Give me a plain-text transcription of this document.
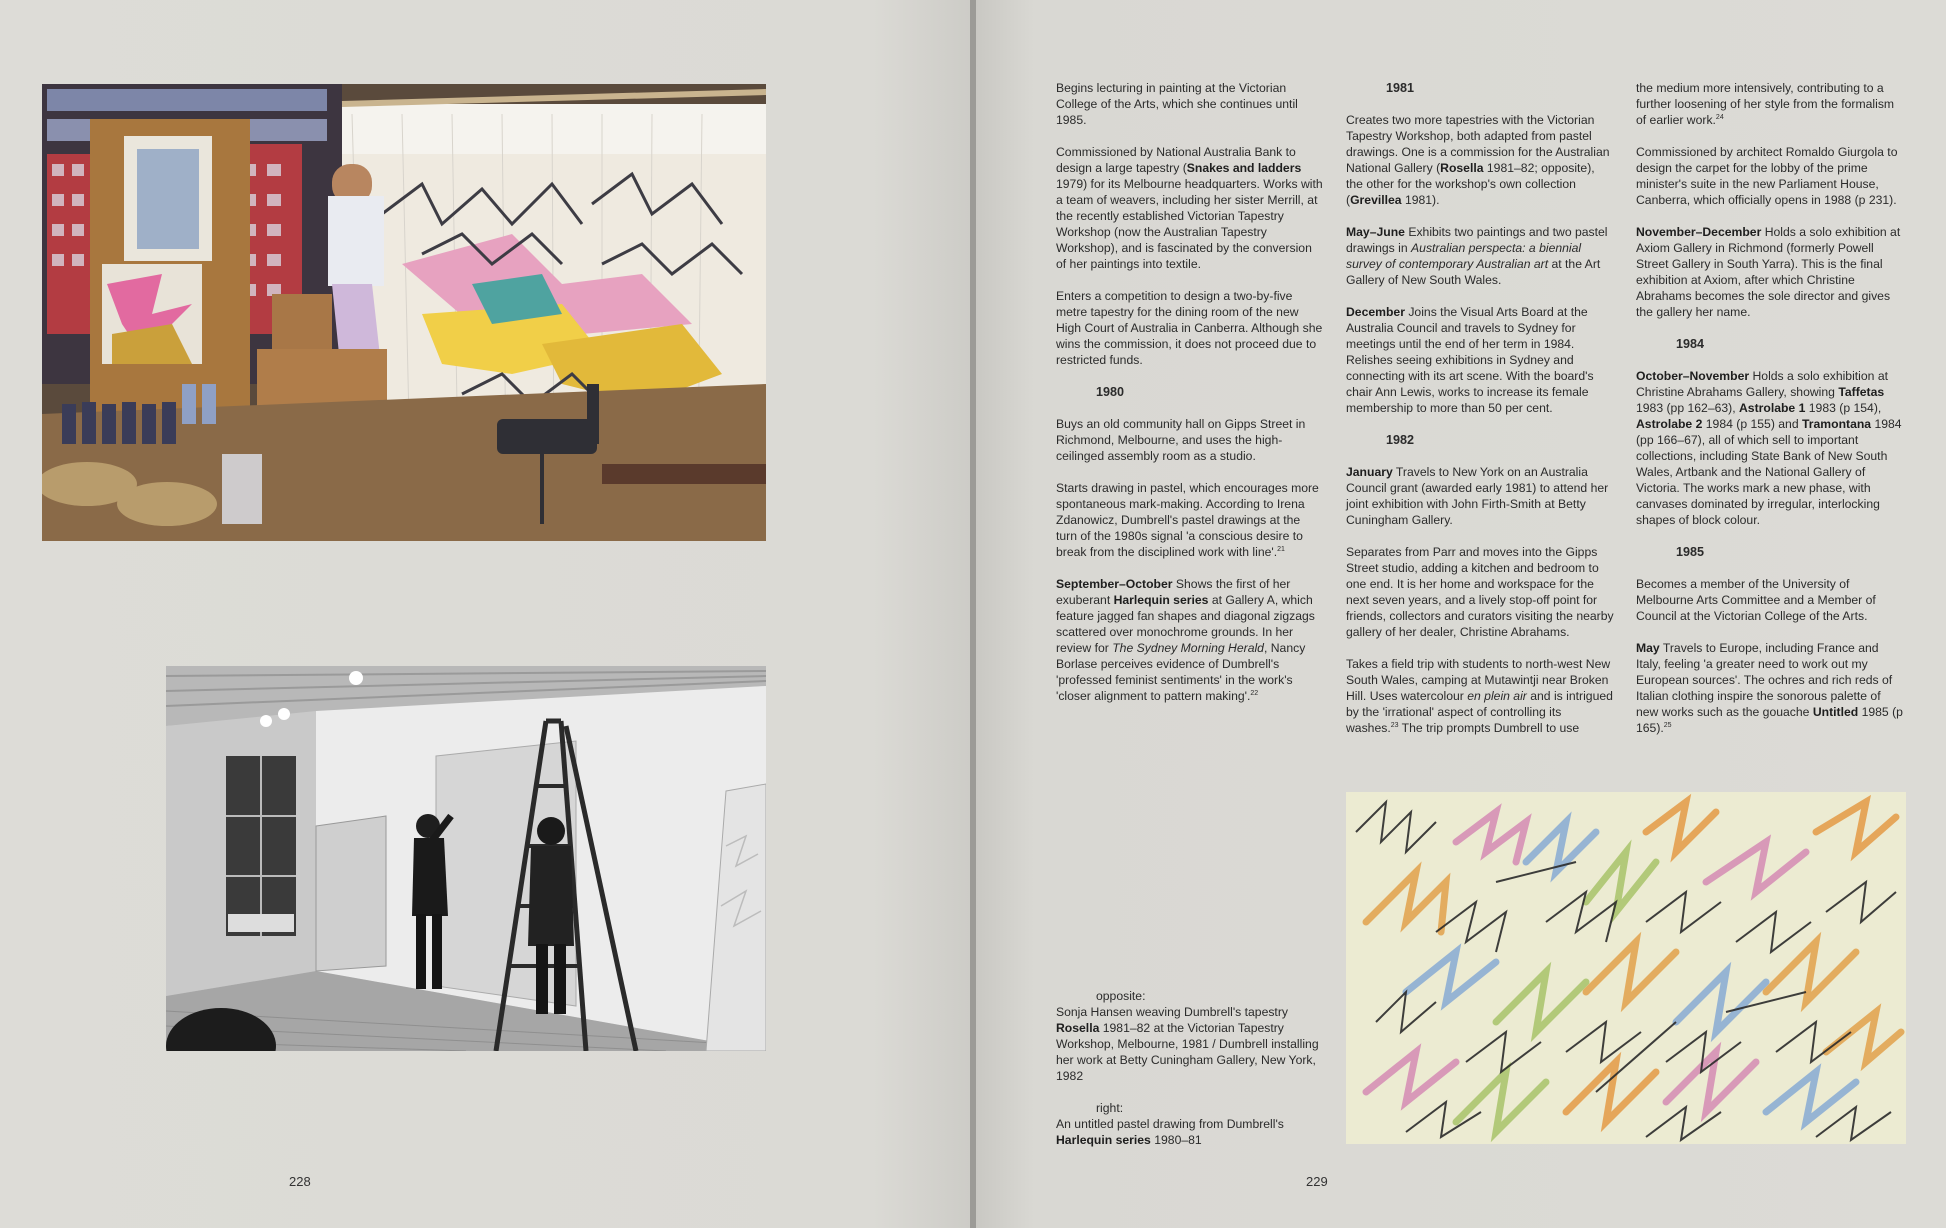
Begins lecturing in painting at the Victorian College of the Arts, which she continues until 1985.

Commissioned by National Australia Bank to design a large tapestry (Snakes and ladders 1979) for its Melbourne headquarters. Works with a team of weavers, including her sister Merrill, at the recently established Victorian Tapestry Workshop (now the Australian Tapestry Workshop), and is fascinated by the conversion of her paintings into textile.

Enters a competition to design a two-by-five metre tapestry for the dining room of the new High Court of Australia in Canberra. Although she wins the commission, it does not proceed due to restricted funds.

1980

Buys an old community hall on Gipps Street in Richmond, Melbourne, and uses the high-ceilinged assembly room as a studio.

Starts drawing in pastel, which encourages more spontaneous mark-making. According to Irena Zdanowicz, Dumbrell's pastel drawings at the turn of the 1980s signal 'a conscious desire to break from the disciplined work with line'.$^{21}$

September–October Shows the first of her exuberant Harlequin series at Gallery A, which feature jagged fan shapes and diagonal zigzags scattered over monochrome grounds. In her review for The Sydney Morning Herald, Nancy Borlase perceives evidence of Dumbrell's 'professed feminist sentiments' in the work's 'closer alignment to pattern making'.$^{22}$

1981

Creates two more tapestries with the Victorian Tapestry Workshop, both adapted from pastel drawings. One is a commission for the Australian National Gallery (Rosella 1981–82; opposite), the other for the workshop's own collection (Grevillea 1981).

May–June Exhibits two paintings and two pastel drawings in Australian perspecta: a biennial survey of contemporary Australian art at the Art Gallery of New South Wales.

December Joins the Visual Arts Board at the Australia Council and travels to Sydney for meetings until the end of her term in 1984. Relishes seeing exhibitions in Sydney and connecting with its art scene. With the board's chair Ann Lewis, works to increase its female membership to more than 50 per cent.

1982

January Travels to New York on an Australia Council grant (awarded early 1981) to attend her joint exhibition with John Firth-Smith at Betty Cuningham Gallery.

Separates from Parr and moves into the Gipps Street studio, adding a kitchen and bedroom to one end. It is her home and workspace for the next seven years, and a lively stop-off point for friends, collectors and curators visiting the nearby gallery of her dealer, Christine Abrahams.

Takes a field trip with students to north-west New South Wales, camping at Mutawintji near Broken Hill. Uses watercolour en plein air and is intrigued by the 'irrational' aspect of controlling its washes.$^{23}$ The trip prompts Dumbrell to use

the medium more intensively, contributing to a further loosening of her style from the formalism of earlier work.$^{24}$

Commissioned by architect Romaldo Giurgola to design the carpet for the lobby of the prime minister's suite in the new Parliament House, Canberra, which officially opens in 1988 (p 231).

November–December Holds a solo exhibition at Axiom Gallery in Richmond (formerly Powell Street Gallery in South Yarra). This is the final exhibition at Axiom, after which Christine Abrahams becomes the sole director and gives the gallery her name.

1984

October–November Holds a solo exhibition at Christine Abrahams Gallery, showing Taffetas 1983 (pp 162–63), Astrolabe 1 1983 (p 154), Astrolabe 2 1984 (p 155) and Tramontana 1984 (pp 166–67), all of which sell to important collections, including State Bank of New South Wales, Artbank and the National Gallery of Victoria. The works mark a new phase, with canvases dominated by irregular, interlocking shapes of block colour.

1985

Becomes a member of the University of Melbourne Arts Committee and a Member of Council at the Victorian College of the Arts.

May Travels to Europe, including France and Italy, feeling 'a greater need to work out my European sources'. The ochres and rich reds of Italian clothing inspire the sonorous palette of new works such as the gouache Untitled 1985 (p 165).$^{25}$

opposite:
Sonja Hansen weaving Dumbrell's tapestry Rosella 1981–82 at the Victorian Tapestry Workshop, Melbourne, 1981 / Dumbrell installing her work at Betty Cuningham Gallery, New York, 1982

right:
An untitled pastel drawing from Dumbrell's Harlequin series 1980–81

228	229
